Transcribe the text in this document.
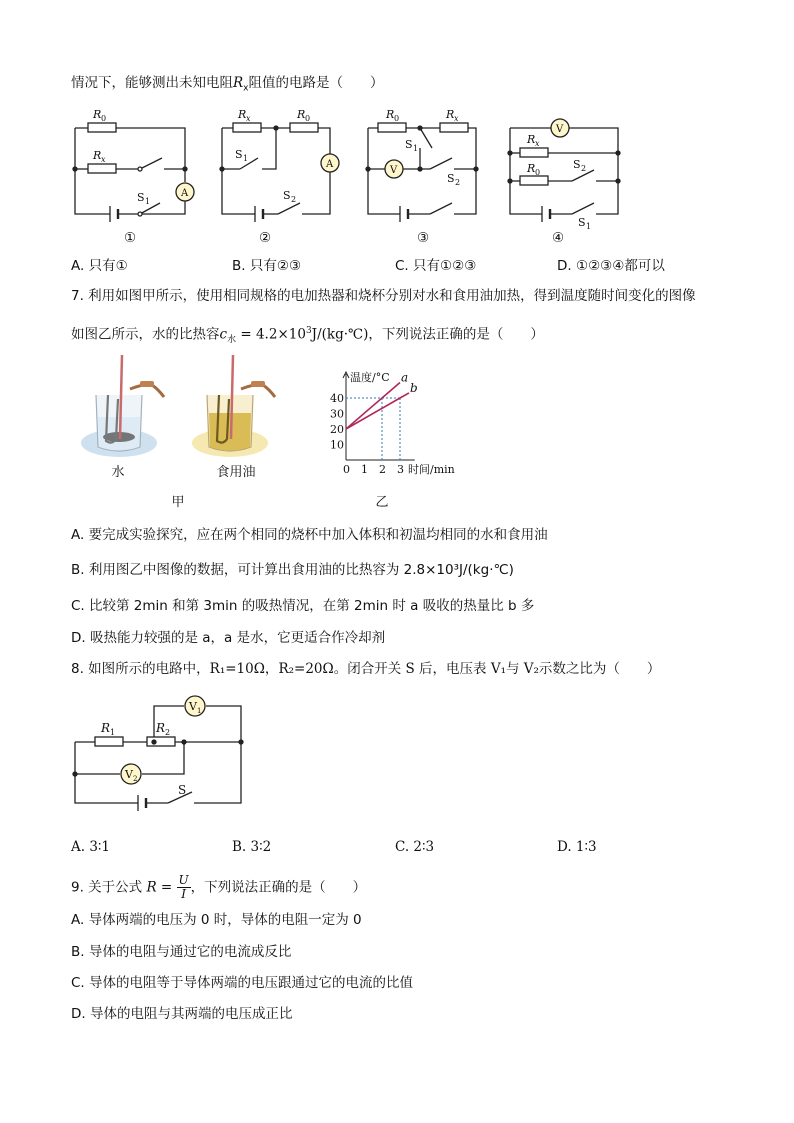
情况下，能够测出未知电阻$R_x$阻值的电路是（　　）
R 0
R x
S 1
A
R x	R 0
S 1
S 2
A
R 0	R x
S 1
S 2
V
R x
R 0
S 2
S 1
V
①	②	③	④
A. 只有①	B. 只有②③	C. 只有①②③	D. ①②③④都可以
7. 利用如图甲所示，使用相同规格的电加热器和烧杯分别对水和食用油加热，得到温度随时间变化的图像
如图乙所示，水的比热容$c_水$ = $4.2\times 10^3J/(kg\cdot℃)$，下列说法正确的是（　　）
水	食用油
甲	乙
温度/°C
时间/min
0 1 2 3
10
20
30
40
a
b
A. 要完成实验探究，应在两个相同的烧杯中加入体积和初温均相同的水和食用油
B. 利用图乙中图像的数据，可计算出食用油的比热容为 2.8×10³J/(kg·℃)
C. 比较第 2min 和第 3min 的吸热情况，在第 2min 时 a 吸收的热量比 b 多
D. 吸热能力较强的是 a，a 是水，它更适合作冷却剂
8. 如图所示的电路中，R₁=10Ω，R₂=20Ω。闭合开关 S 后，电压表 V₁与 V₂示数之比为（　　）
R 1	R 2
V 1
V 2
S
A. 3∶1	B. 3∶2	C. 2∶3	D. 1∶3
9. 关于公式 $R = \frac{U}{I}$ ，下列说法正确的是（　　）
A. 导体两端的电压为 0 时，导体的电阻一定为 0
B. 导体的电阻与通过它的电流成反比
C. 导体的电阻等于导体两端的电压跟通过它的电流的比值
D. 导体的电阻与其两端的电压成正比
